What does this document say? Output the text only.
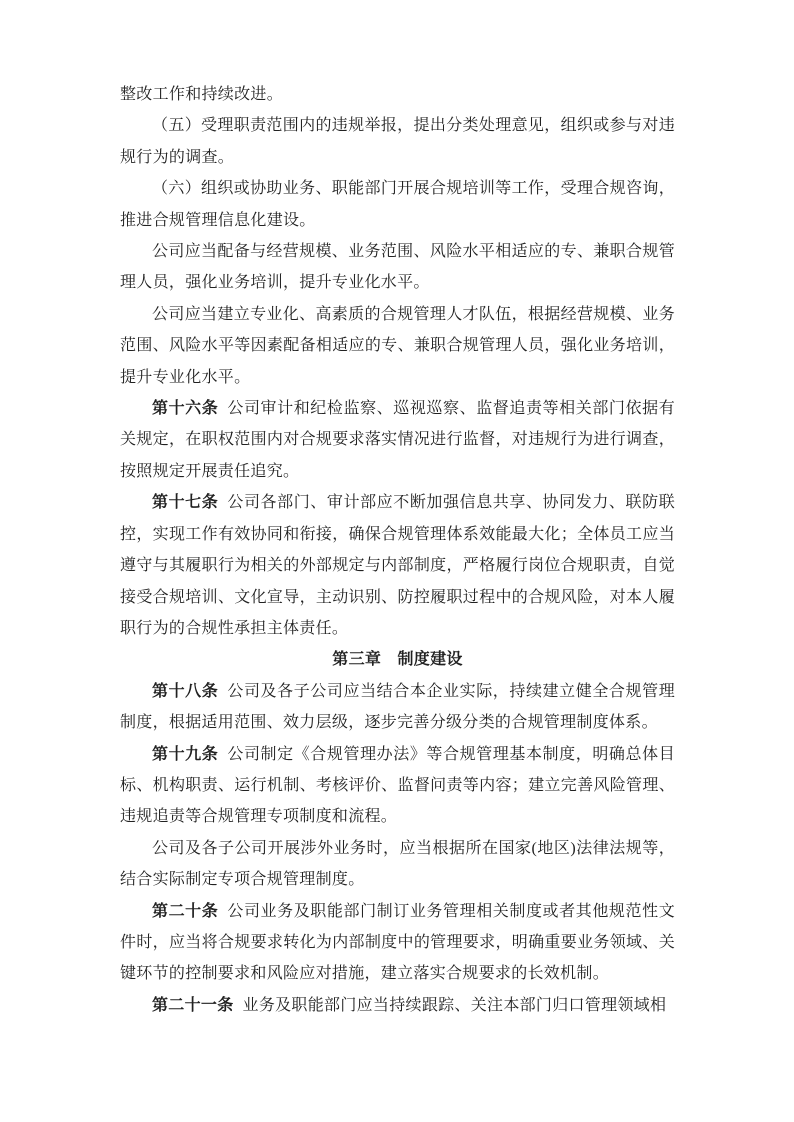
整改工作和持续改进。

（五）受理职责范围内的违规举报，提出分类处理意见，组织或参与对违规行为的调查。

（六）组织或协助业务、职能部门开展合规培训等工作，受理合规咨询，推进合规管理信息化建设。

公司应当配备与经营规模、业务范围、风险水平相适应的专、兼职合规管理人员，强化业务培训，提升专业化水平。

公司应当建立专业化、高素质的合规管理人才队伍，根据经营规模、业务范围、风险水平等因素配备相适应的专、兼职合规管理人员，强化业务培训，提升专业化水平。

第十六条 公司审计和纪检监察、巡视巡察、监督追责等相关部门依据有关规定，在职权范围内对合规要求落实情况进行监督，对违规行为进行调查，按照规定开展责任追究。

第十七条 公司各部门、审计部应不断加强信息共享、协同发力、联防联控，实现工作有效协同和衔接，确保合规管理体系效能最大化；全体员工应当遵守与其履职行为相关的外部规定与内部制度，严格履行岗位合规职责，自觉接受合规培训、文化宣导，主动识别、防控履职过程中的合规风险，对本人履职行为的合规性承担主体责任。

第三章　制度建设

第十八条 公司及各子公司应当结合本企业实际，持续建立健全合规管理制度，根据适用范围、效力层级，逐步完善分级分类的合规管理制度体系。

第十九条 公司制定《合规管理办法》等合规管理基本制度，明确总体目标、机构职责、运行机制、考核评价、监督问责等内容；建立完善风险管理、违规追责等合规管理专项制度和流程。

公司及各子公司开展涉外业务时，应当根据所在国家(地区)法律法规等，结合实际制定专项合规管理制度。

第二十条 公司业务及职能部门制订业务管理相关制度或者其他规范性文件时，应当将合规要求转化为内部制度中的管理要求，明确重要业务领域、关键环节的控制要求和风险应对措施，建立落实合规要求的长效机制。

第二十一条 业务及职能部门应当持续跟踪、关注本部门归口管理领域相
